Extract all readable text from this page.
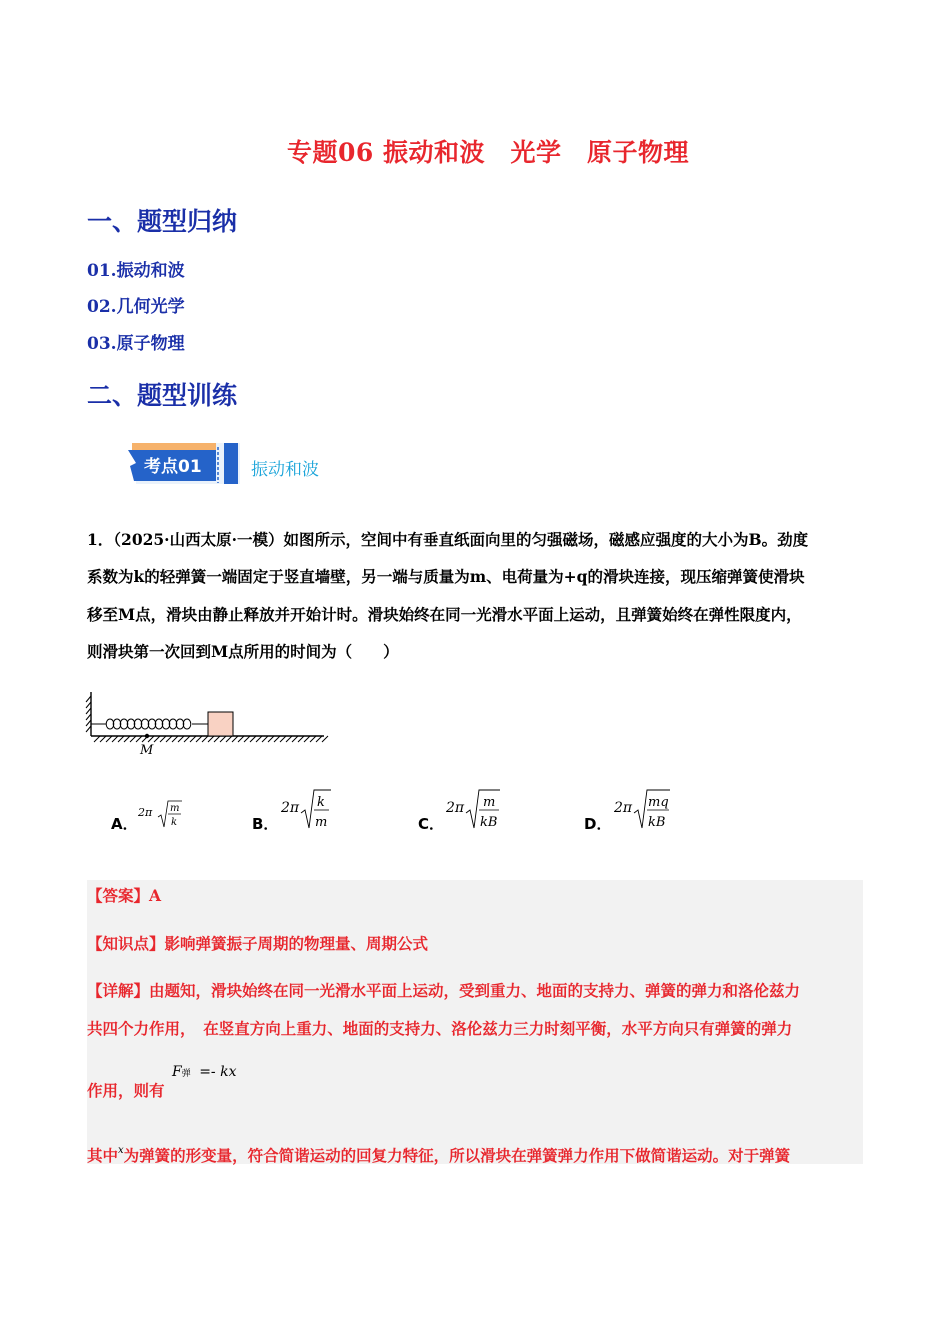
专题06 振动和波　光学　原子物理
一、题型归纳
01.振动和波
02.几何光学
03.原子物理
二、题型训练
考点01	振动和波
1．（2025·山西太原·一模）如图所示，空间中有垂直纸面向里的匀强磁场，磁感应强度的大小为B。劲度
系数为k的轻弹簧一端固定于竖直墙壁，另一端与质量为m、电荷量为+q的滑块连接，现压缩弹簧使滑块
移至M点，滑块由静止释放并开始计时。滑块始终在同一光滑水平面上运动，且弹簧始终在弹性限度内，
则滑块第一次回到M点所用的时间为（　　）
M
A．
2π m
k	B．
2π k
m	C．
2π m
kB	D．
2π mq
kB
【答案】A
【知识点】影响弹簧振子周期的物理量、周期公式
【详解】由题知，滑块始终在同一光滑水平面上运动，受到重力、地面的支持力、弹簧的弹力和洛伦兹力
共四个力作用，　在竖直方向上重力、地面的支持力、洛伦兹力三力时刻平衡，水平方向只有弹簧的弹力
作用，则有
F弹 =- kx
其中$^x$为弹簧的形变量，符合简谐运动的回复力特征，所以滑块在弹簧弹力作用下做简谐运动。对于弹簧
